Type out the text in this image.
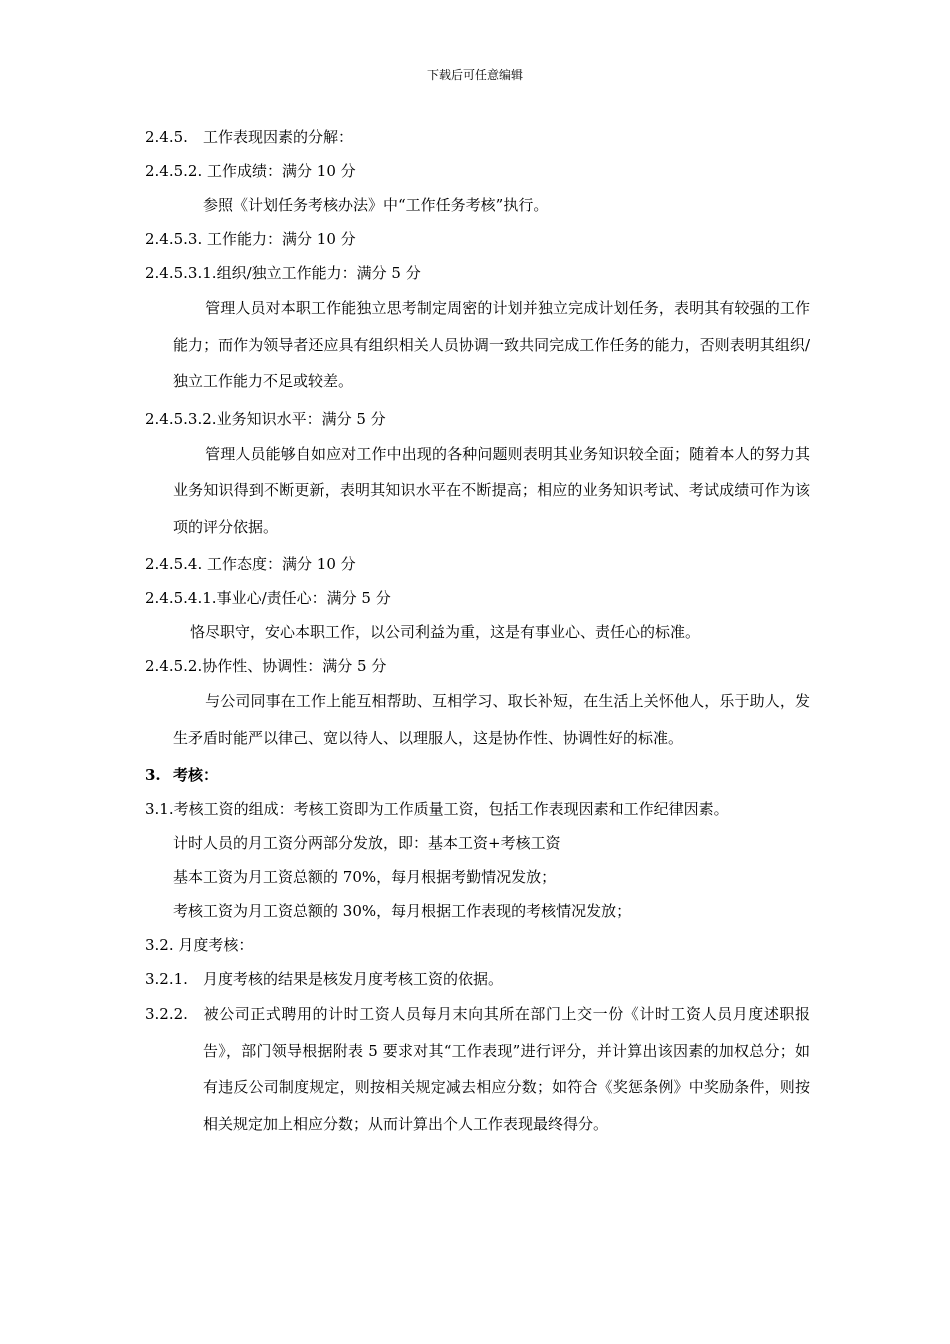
下载后可任意编辑
2.4.5. 工作表现因素的分解：
2.4.5.2. 工作成绩：满分 10 分
参照《计划任务考核办法》中“工作任务考核”执行。
2.4.5.3. 工作能力：满分 10 分
2.4.5.3.1.组织/独立工作能力：满分 5 分
管理人员对本职工作能独立思考制定周密的计划并独立完成计划任务，表明其有较强的工作能力；而作为领导者还应具有组织相关人员协调一致共同完成工作任务的能力，否则表明其组织/独立工作能力不足或较差。
2.4.5.3.2.业务知识水平：满分 5 分
管理人员能够自如应对工作中出现的各种问题则表明其业务知识较全面；随着本人的努力其业务知识得到不断更新，表明其知识水平在不断提高；相应的业务知识考试、考试成绩可作为该项的评分依据。
2.4.5.4. 工作态度：满分 10 分
2.4.5.4.1.事业心/责任心：满分 5 分
恪尽职守，安心本职工作，以公司利益为重，这是有事业心、责任心的标准。
2.4.5.2.协作性、协调性：满分 5 分
与公司同事在工作上能互相帮助、互相学习、取长补短，在生活上关怀他人，乐于助人，发生矛盾时能严以律己、宽以待人、以理服人，这是协作性、协调性好的标准。
3. 考核：
3.1.考核工资的组成：考核工资即为工作质量工资，包括工作表现因素和工作纪律因素。
计时人员的月工资分两部分发放，即：基本工资+考核工资
基本工资为月工资总额的 70%，每月根据考勤情况发放；
考核工资为月工资总额的 30%，每月根据工作表现的考核情况发放；
3.2. 月度考核：
3.2.1. 月度考核的结果是核发月度考核工资的依据。
3.2.2. 被公司正式聘用的计时工资人员每月末向其所在部门上交一份《计时工资人员月度述职报告》，部门领导根据附表 5 要求对其“工作表现”进行评分，并计算出该因素的加权总分；如有违反公司制度规定，则按相关规定减去相应分数；如符合《奖惩条例》中奖励条件，则按相关规定加上相应分数；从而计算出个人工作表现最终得分。
